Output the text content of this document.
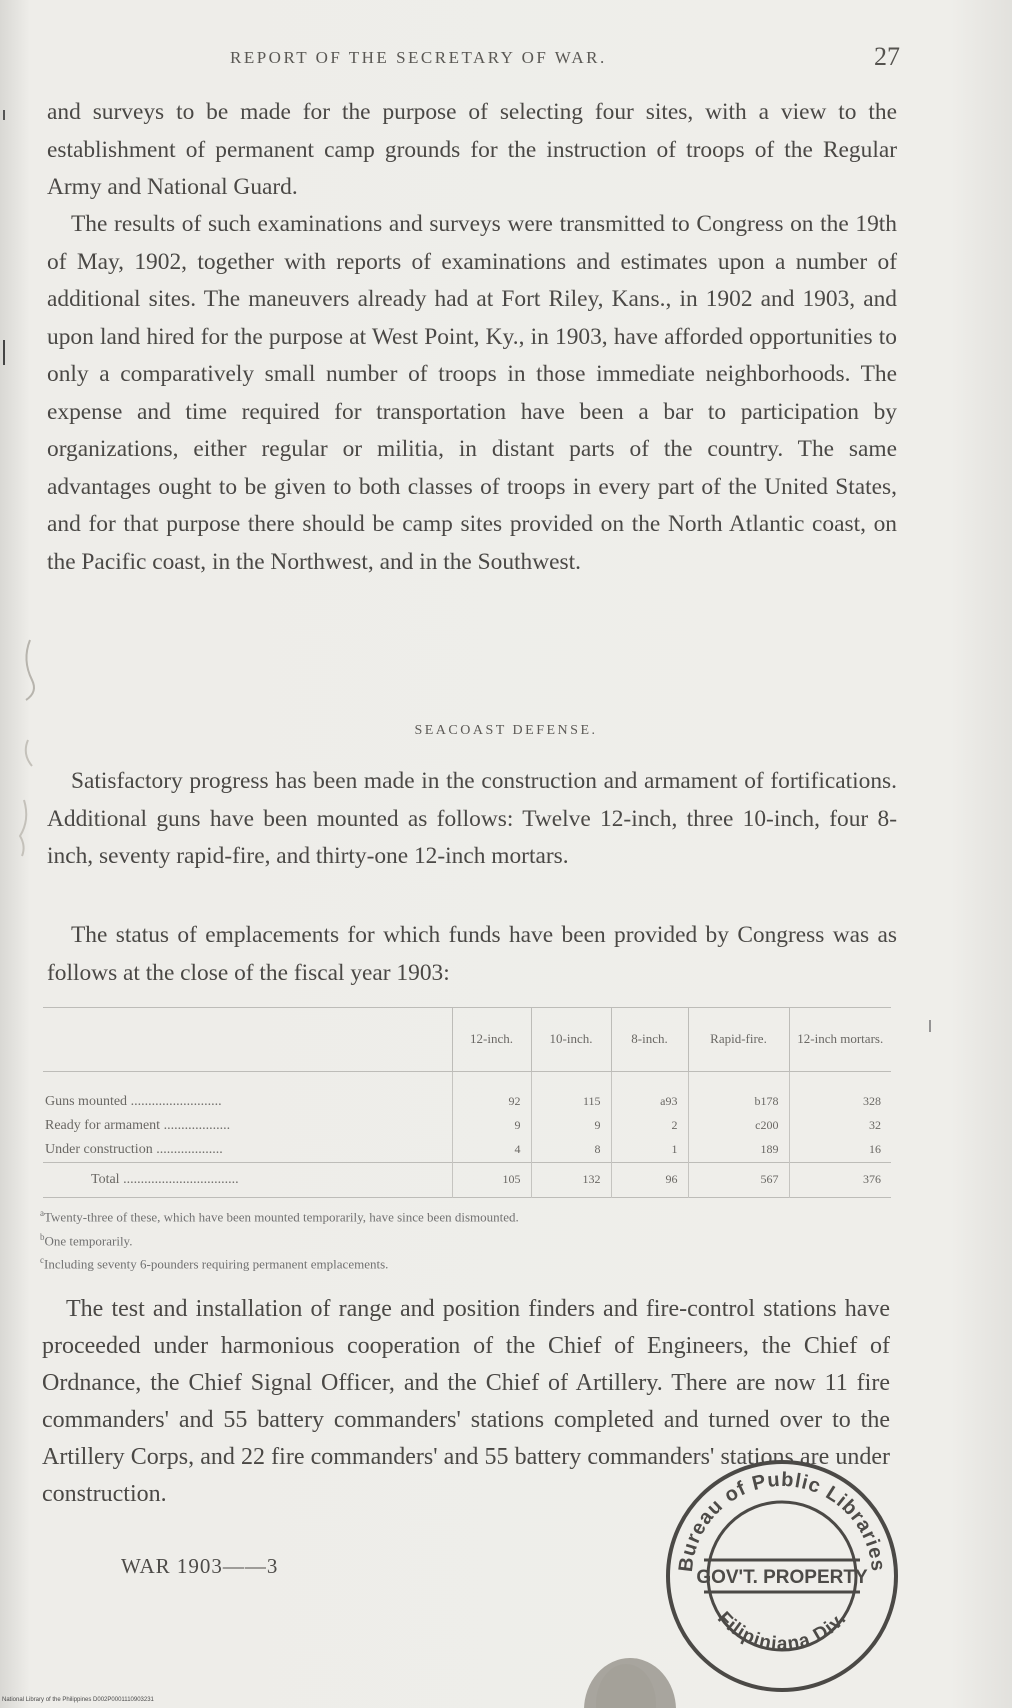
REPORT OF THE SECRETARY OF WAR.	27
and surveys to be made for the purpose of selecting four sites, with a view to the establishment of permanent camp grounds for the instruction of troops of the Regular Army and National Guard.
The results of such examinations and surveys were transmitted to Congress on the 19th of May, 1902, together with reports of examinations and estimates upon a number of additional sites. The maneuvers already had at Fort Riley, Kans., in 1902 and 1903, and upon land hired for the purpose at West Point, Ky., in 1903, have afforded opportunities to only a comparatively small number of troops in those immediate neighborhoods. The expense and time required for transportation have been a bar to participation by organizations, either regular or militia, in distant parts of the country. The same advantages ought to be given to both classes of troops in every part of the United States, and for that purpose there should be camp sites provided on the North Atlantic coast, on the Pacific coast, in the Northwest, and in the Southwest.
SEACOAST DEFENSE.
Satisfactory progress has been made in the construction and armament of fortifications. Additional guns have been mounted as follows: Twelve 12-inch, three 10-inch, four 8-inch, seventy rapid-fire, and thirty-one 12-inch mortars.
The status of emplacements for which funds have been provided by Congress was as follows at the close of the fiscal year 1903:
	12-inch.	10-inch.	8-inch.	Rapid-fire.	12-inch mortars.
Guns mounted ..........................	92	115	a93	b178	328
Ready for armament ...................	9	9	2	c200	32
Under construction ...................	4	8	1	189	16
Total .................................	105	132	96	567	376
$^a$Twenty-three of these, which have been mounted temporarily, have since been dismounted.
$^b$One temporarily.
$^c$Including seventy 6-pounders requiring permanent emplacements.
The test and installation of range and position finders and fire-control stations have proceeded under harmonious cooperation of the Chief of Engineers, the Chief of Ordnance, the Chief Signal Officer, and the Chief of Artillery. There are now 11 fire commanders' and 55 battery commanders' stations completed and turned over to the Artillery Corps, and 22 fire commanders' and 55 battery commanders' stations are under construction.
WAR 1903——3	Bureau of Public Libraries
GOV'T. PROPERTY
Filipiniana Div.
National Library of the Philippines D002P0001110903231
